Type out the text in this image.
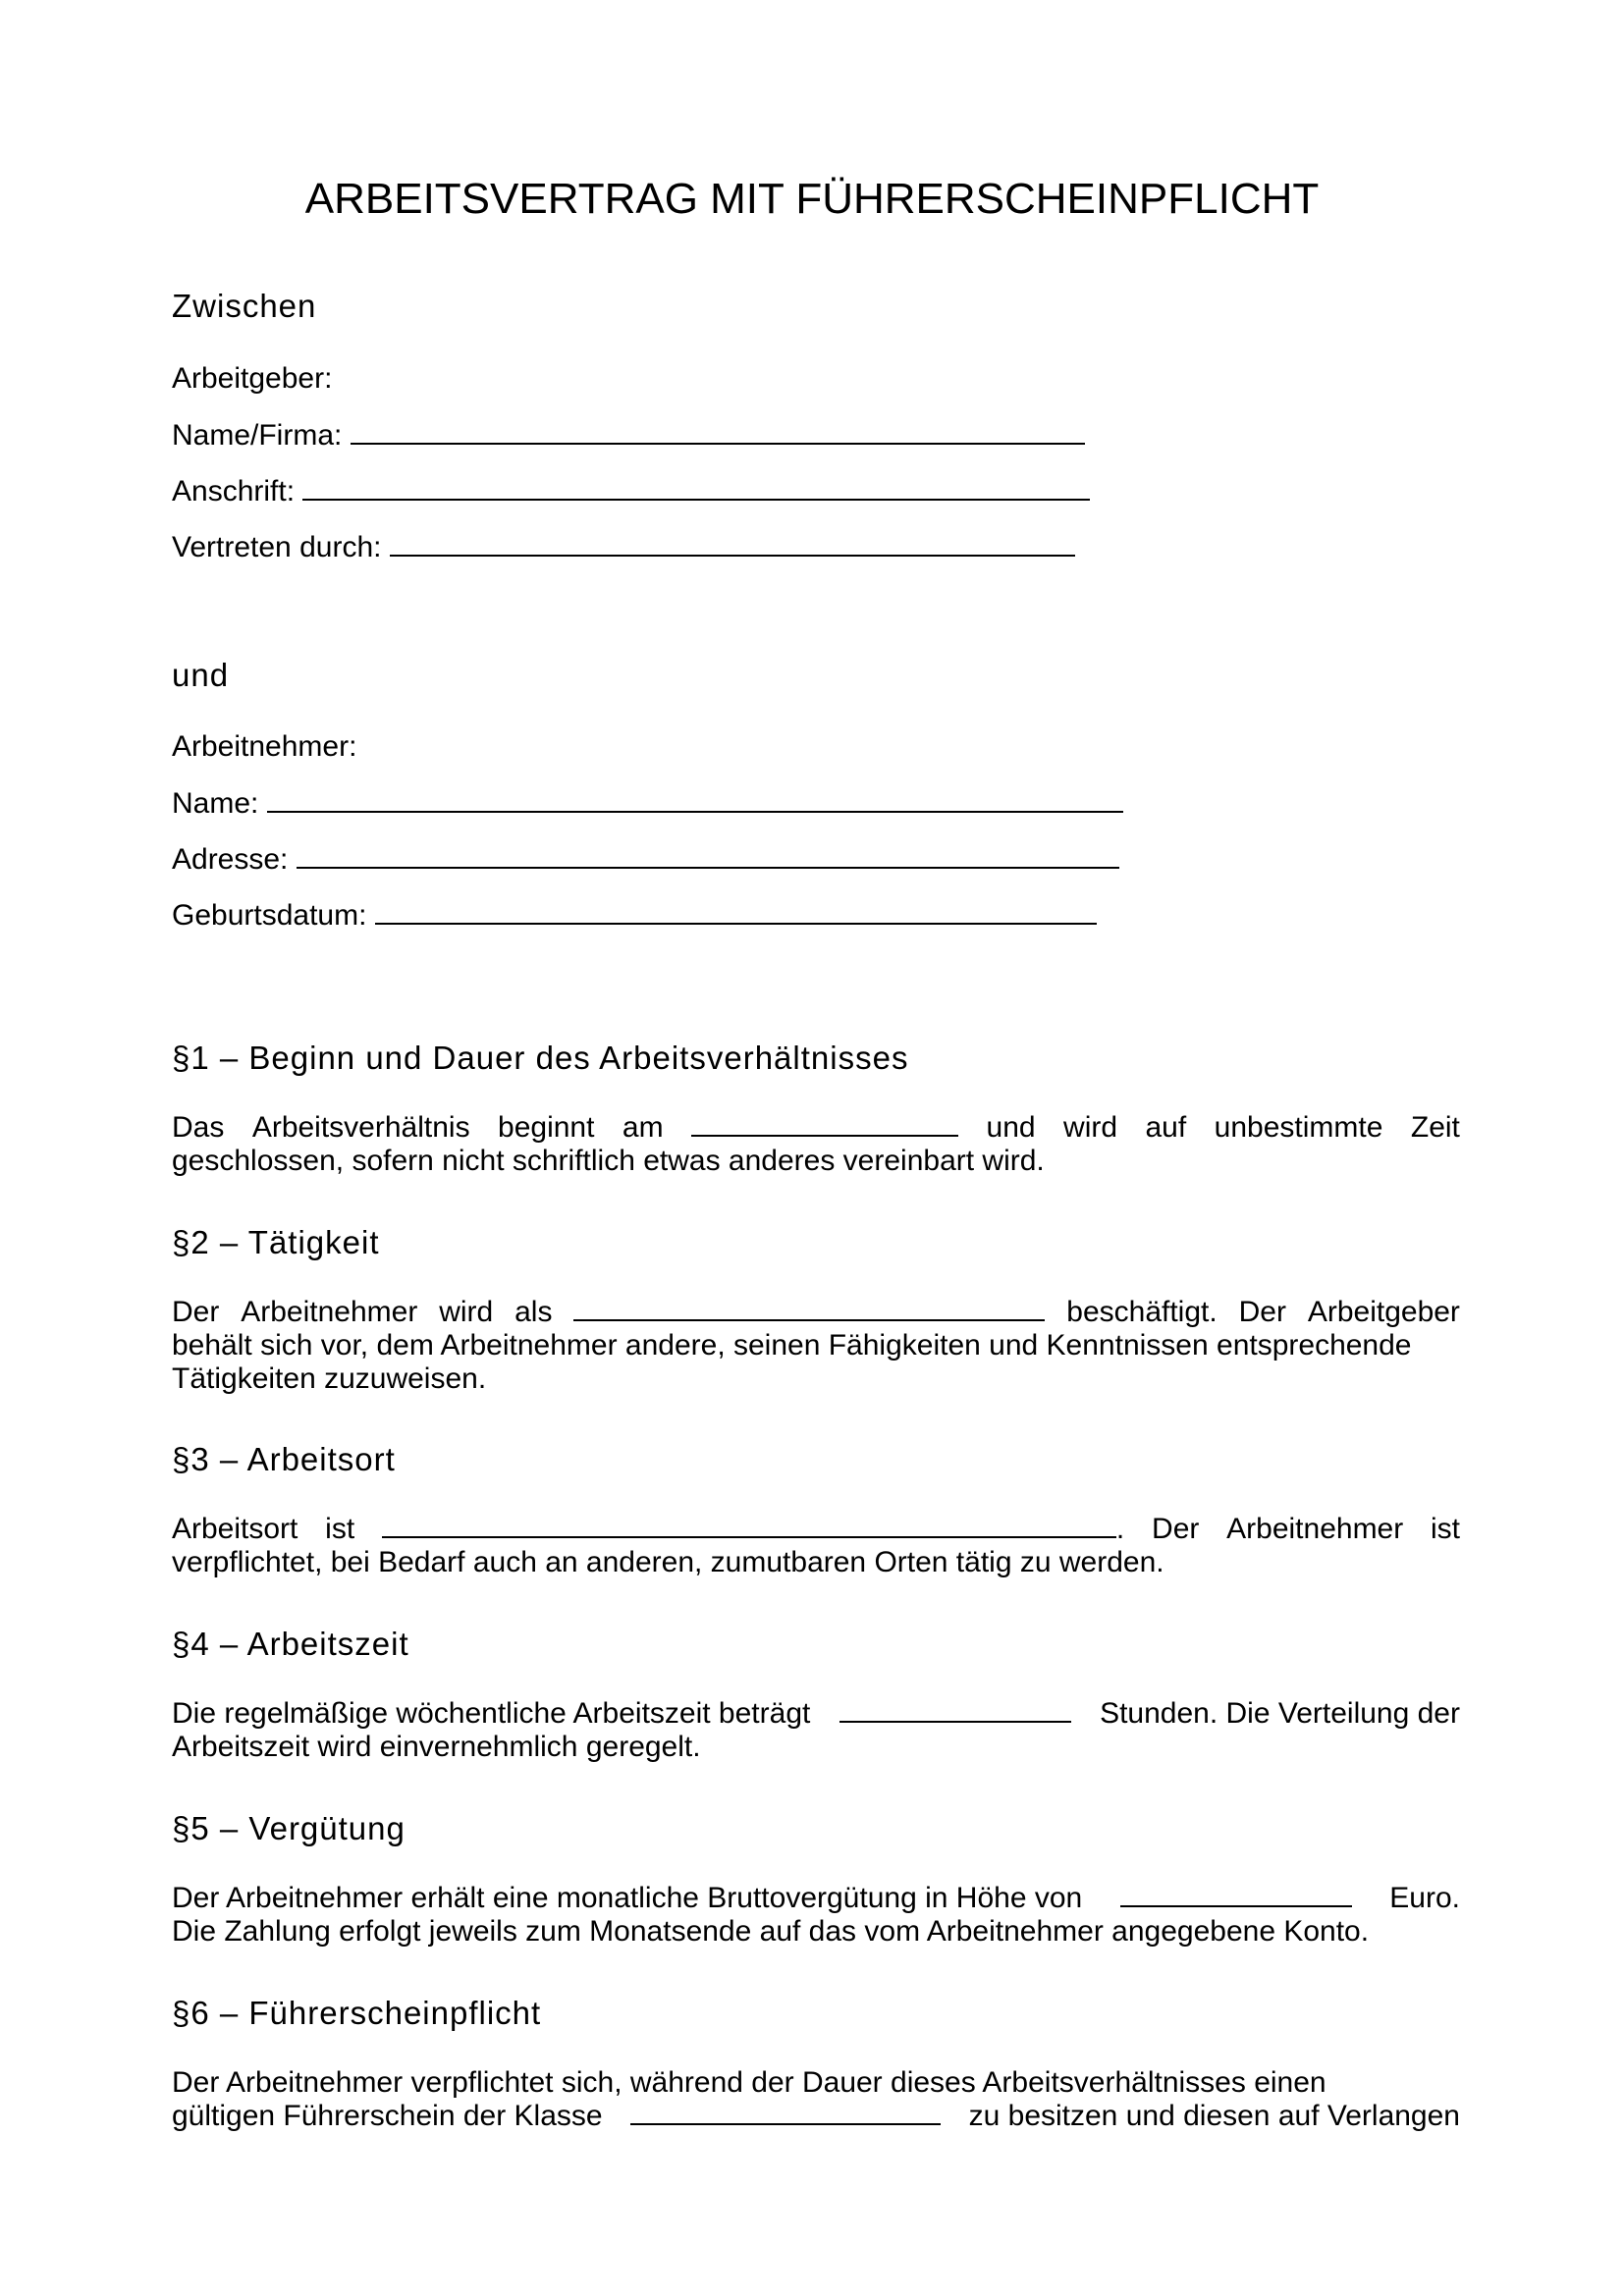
ARBEITSVERTRAG MIT FÜHRERSCHEINPFLICHT

Zwischen

Arbeitgeber:

Name/Firma:
Anschrift:
Vertreten durch:

und

Arbeitnehmer:

Name:
Adresse:
Geburtsdatum:

§1 – Beginn und Dauer des Arbeitsverhältnisses

Das Arbeitsverhältnis beginnt am	und wird auf unbestimmte Zeit
geschlossen, sofern nicht schriftlich etwas anderes vereinbart wird.

§2 – Tätigkeit

Der Arbeitnehmer wird als	beschäftigt. Der Arbeitgeber
behält sich vor, dem Arbeitnehmer andere, seinen Fähigkeiten und Kenntnissen entsprechende
Tätigkeiten zuzuweisen.

§3 – Arbeitsort

Arbeitsort ist	. Der Arbeitnehmer ist
verpflichtet, bei Bedarf auch an anderen, zumutbaren Orten tätig zu werden.

§4 – Arbeitszeit

Die regelmäßige wöchentliche Arbeitszeit beträgt	Stunden. Die Verteilung der
Arbeitszeit wird einvernehmlich geregelt.

§5 – Vergütung

Der Arbeitnehmer erhält eine monatliche Bruttovergütung in Höhe von	Euro.
Die Zahlung erfolgt jeweils zum Monatsende auf das vom Arbeitnehmer angegebene Konto.

§6 – Führerscheinpflicht

Der Arbeitnehmer verpflichtet sich, während der Dauer dieses Arbeitsverhältnisses einen
gültigen Führerschein der Klasse	zu besitzen und diesen auf Verlangen
